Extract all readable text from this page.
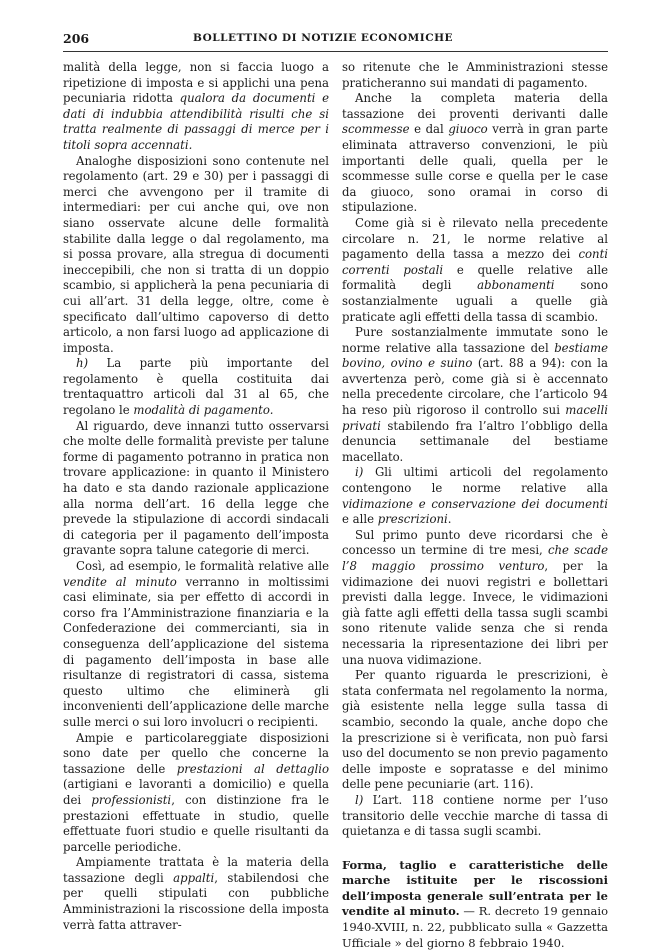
206	BOLLETTINO DI NOTIZIE ECONOMICHE

malità della legge, non si faccia luogo a ripetizione di imposta e si applichi una pena pecuniaria ridotta qualora da documenti e dati di indubbia attendibilità risulti che si tratta realmente di passaggi di merce per i titoli sopra accennati.

Analoghe disposizioni sono contenute nel regolamento (art. 29 e 30) per i passaggi di merci che avvengono per il tramite di intermediari: per cui anche qui, ove non siano osservate alcune delle formalità stabilite dalla legge o dal regolamento, ma si possa provare, alla stregua di documenti ineccepibili, che non si tratta di un doppio scambio, si applicherà la pena pecuniaria di cui all’art. 31 della legge, oltre, come è specificato dall’ultimo capoverso di detto articolo, a non farsi luogo ad applicazione di imposta.

h) La parte più importante del regolamento è quella costituita dai trentaquattro articoli dal 31 al 65, che regolano le modalità di pagamento.

Al riguardo, deve innanzi tutto osservarsi che molte delle formalità previste per talune forme di pagamento potranno in pratica non trovare applicazione: in quanto il Ministero ha dato e sta dando razionale applicazione alla norma dell’art. 16 della legge che prevede la stipulazione di accordi sindacali di categoria per il pagamento dell’imposta gravante sopra talune categorie di merci.

Così, ad esempio, le formalità relative alle vendite al minuto verranno in moltissimi casi eliminate, sia per effetto di accordi in corso fra l’Amministrazione finanziaria e la Confederazione dei commercianti, sia in conseguenza dell’applicazione del sistema di pagamento dell’imposta in base alle risultanze di registratori di cassa, sistema questo ultimo che eliminerà gli inconvenienti dell’applicazione delle marche sulle merci o sui loro involucri o recipienti.

Ampie e particolareggiate disposizioni sono date per quello che concerne la tassazione delle prestazioni al dettaglio (artigiani e lavoranti a domicilio) e quella dei professionisti, con distinzione fra le prestazioni effettuate in studio, quelle effettuate fuori studio e quelle risultanti da parcelle periodiche.

Ampiamente trattata è la materia della tassazione degli appalti, stabilendosi che per quelli stipulati con pubbliche Amministrazioni la riscossione della imposta verrà fatta attraver-

so ritenute che le Amministrazioni stesse praticheranno sui mandati di pagamento.

Anche la completa materia della tassazione dei proventi derivanti dalle scommesse e dal giuoco verrà in gran parte eliminata attraverso convenzioni, le più importanti delle quali, quella per le scommesse sulle corse e quella per le case da giuoco, sono oramai in corso di stipulazione.

Come già si è rilevato nella precedente circolare n. 21, le norme relative al pagamento della tassa a mezzo dei conti correnti postali e quelle relative alle formalità degli abbonamenti sono sostanzialmente uguali a quelle già praticate agli effetti della tassa di scambio.

Pure sostanzialmente immutate sono le norme relative alla tassazione del bestiame bovino, ovino e suino (art. 88 a 94): con la avvertenza però, come già si è accennato nella precedente circolare, che l’articolo 94 ha reso più rigoroso il controllo sui macelli privati stabilendo fra l’altro l’obbligo della denuncia settimanale del bestiame macellato.

i) Gli ultimi articoli del regolamento contengono le norme relative alla vidimazione e conservazione dei documenti e alle prescrizioni.

Sul primo punto deve ricordarsi che è concesso un termine di tre mesi, che scade l’8 maggio prossimo venturo, per la vidimazione dei nuovi registri e bollettari previsti dalla legge. Invece, le vidimazioni già fatte agli effetti della tassa sugli scambi sono ritenute valide senza che si renda necessaria la ripresentazione dei libri per una nuova vidimazione.

Per quanto riguarda le prescrizioni, è stata confermata nel regolamento la norma, già esistente nella legge sulla tassa di scambio, secondo la quale, anche dopo che la prescrizione si è verificata, non può farsi uso del documento se non previo pagamento delle imposte e sopratasse e del minimo delle pene pecuniarie (art. 116).

l) L’art. 118 contiene norme per l’uso transitorio delle vecchie marche di tassa di quietanza e di tassa sugli scambi.

Forma, taglio e caratteristiche delle marche istituite per le riscossioni dell’imposta generale sull’entrata per le vendite al minuto. — R. decreto 19 gennaio 1940-XVIII, n. 22, pubblicato sulla « Gazzetta Ufficiale » del giorno 8 febbraio 1940.
